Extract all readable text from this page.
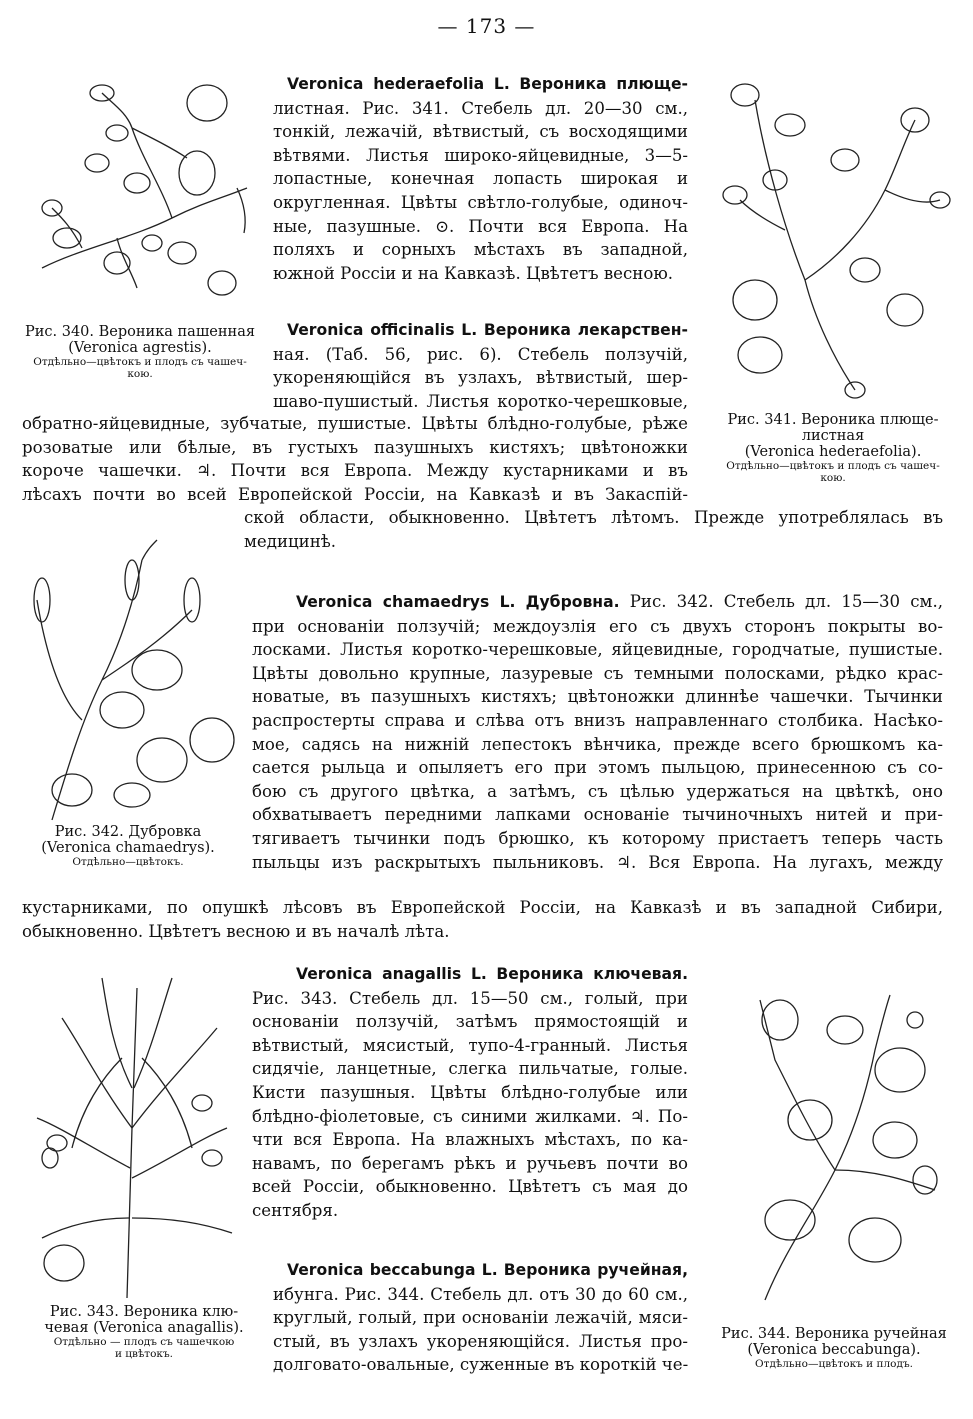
— 173 —
Рис. 340. Вероника пашенная
(Veronica agrestis).
Отдѣльно—цвѣтокъ и плодъ съ чашеч-
кою.
Рис. 341. Вероника плюще-
листная
(Veronica hederaefolia).
Отдѣльно—цвѣтокъ и плодъ съ чашеч-
кою.
Рис. 342. Дубровка
(Veronica chamaedrys).
Отдѣльно—цвѣтокъ.
Рис. 343. Вероника клю-
чевая (Veronica anagallis).
Отдѣльно — плодъ съ чашечкою
и цвѣтокъ.
Рис. 344. Вероника ручейная
(Veronica beccabunga).
Отдѣльно—цвѣтокъ и плодъ.
Veronica hederaefolia L. Вероника плюще-
листная. Рис. 341. Стебель дл. 20—30 см.,
тонкій, лежачій, вѣтвистый, съ восходящими
вѣтвями. Листья широко-яйцевидные, 3—5-
лопастные, конечная лопасть широкая и
округленная. Цвѣты свѣтло-голубые, одиноч-
ные, пазушные. ⊙. Почти вся Европа. На
поляхъ и сорныхъ мѣстахъ въ западной,
южной Россіи и на Кавказѣ. Цвѣтетъ весною.
Veronica officinalis L. Вероника лекарствен-
ная. (Таб. 56, рис. 6). Стебель ползучій,
укореняющійся въ узлахъ, вѣтвистый, шер-
шаво-пушистый. Листья коротко-черешковые,
обратно-яйцевидные, зубчатые, пушистые. Цвѣты блѣдно-голубые, рѣже
розоватые или бѣлые, въ густыхъ пазушныхъ кистяхъ; цвѣтоножки
короче чашечки. ♃. Почти вся Европа. Между кустарниками и въ
лѣсахъ почти во всей Европейской Россіи, на Кавказѣ и въ Закаспій-
ской области, обыкновенно. Цвѣтетъ лѣтомъ. Прежде употреблялась въ
медицинѣ.
Veronica chamaedrys L. Дубровна. Рис. 342. Стебель дл. 15—30 см.,
при основаніи ползучій; междоузлія его съ двухъ сторонъ покрыты во-
лосками. Листья коротко-черешковые, яйцевидные, городчатые, пушистые.
Цвѣты довольно крупные, лазуревые съ темными полосками, рѣдко крас-
новатые, въ пазушныхъ кистяхъ; цвѣтоножки длиннѣе чашечки. Тычинки
распростерты справа и слѣва отъ внизъ направленнаго столбика. Насѣко-
мое, садясь на нижній лепестокъ вѣнчика, прежде всего брюшкомъ ка-
сается рыльца и опыляетъ его при этомъ пыльцою, принесенною съ со-
бою съ другого цвѣтка, а затѣмъ, съ цѣлью удержаться на цвѣткѣ, оно
обхватываетъ передними лапками основаніе тычиночныхъ нитей и при-
тягиваетъ тычинки подъ брюшко, къ которому пристаетъ теперь часть
пыльцы изъ раскрытыхъ пыльниковъ. ♃. Вся Европа. На лугахъ, между
кустарниками, по опушкѣ лѣсовъ въ Европейской Россіи, на Кавказѣ и въ западной Сибири,
обыкновенно. Цвѣтетъ весною и въ началѣ лѣта.
Veronica anagallis L. Вероника ключевая.
Рис. 343. Стебель дл. 15—50 см., голый, при
основаніи ползучій, затѣмъ прямостоящій и
вѣтвистый, мясистый, тупо-4-гранный. Листья
сидячіе, ланцетные, слегка пильчатые, голые.
Кисти пазушныя. Цвѣты блѣдно-голубые или
блѣдно-фіолетовые, съ синими жилками. ♃. По-
чти вся Европа. На влажныхъ мѣстахъ, по ка-
навамъ, по берегамъ рѣкъ и ручьевъ почти во
всей Россіи, обыкновенно. Цвѣтетъ съ мая до
сентября.
Veronica beccabunga L. Вероника ручейная,
ибунга. Рис. 344. Стебель дл. отъ 30 до 60 см.,
круглый, голый, при основаніи лежачій, мяси-
стый, въ узлахъ укореняющійся. Листья про-
долговато-овальные, суженные въ короткій че-
